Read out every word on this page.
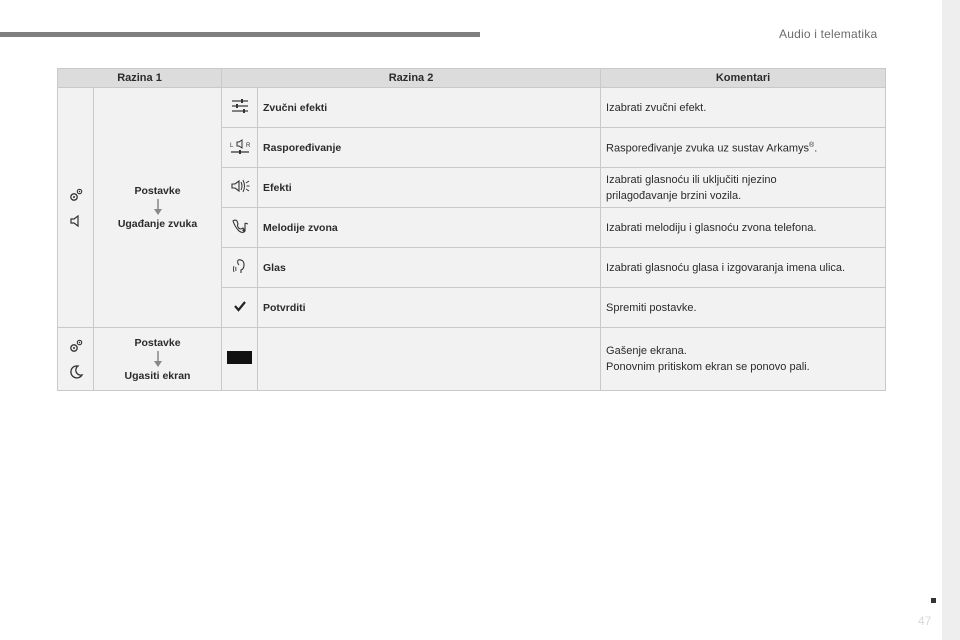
Audio i telematika
47
Razina 1		Razina 2		Komentari

Postavke
Ugađanje zvuka		Zvučni efekti	Izabrati zvučni efekt.

L R	Raspoređivanje	Raspoređivanje zvuka uz sustav Arkamys®.
	Efekti	Izabrati glasnoću ili uključiti njezino
prilagođavanje brzini vozila.

	Melodije zvona	Izabrati melodiju i glasnoću zvona telefona.
	Glas	Izabrati glasnoću glasa i izgovaranja imena ulica.
	Potvrditi	Spremiti postavke.

Postavke
Ugasiti ekran			Gašenje ekrana.
Ponovnim pritiskom ekran se ponovo pali.
